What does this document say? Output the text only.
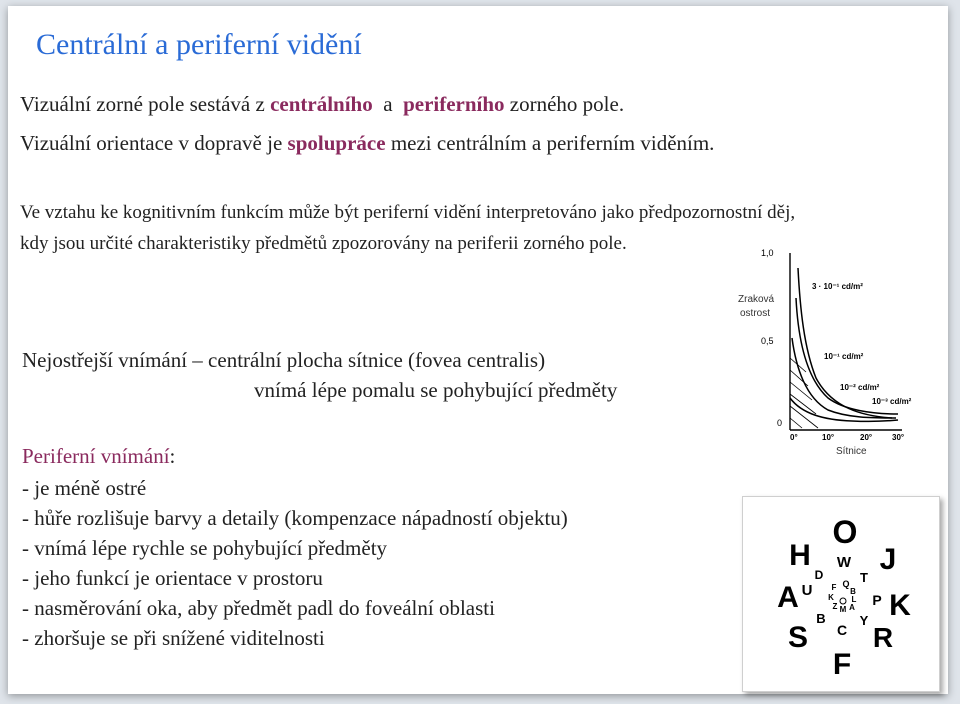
Centrální a periferní vidění
Vizuální zorné pole sestává z centrálního  a  periferního zorného pole.
Vizuální orientace v dopravě je spolupráce mezi centrálním a periferním viděním.
Ve vztahu ke kognitivním funkcím může být periferní vidění interpretováno jako předpozornostní děj,
kdy jsou určité charakteristiky předmětů zpozorovány na periferii zorného pole.
Nejostřejší vnímání – centrální plocha sítnice (fovea centralis)
vnímá lépe pomalu se pohybující předměty
Periferní vnímání:
- je méně ostré
- hůře rozlišuje barvy a detaily (kompenzace nápadností objektu)
- vnímá lépe rychle se pohybující předměty
- jeho funkcí je orientace v prostoru
- nasměrování oka, aby předmět padl do foveální oblasti
- zhoršuje se při snížené viditelnosti
1,0
Zraková
ostrost
0,5
0
3 · 10⁻¹ cd/m²
10⁻¹ cd/m²
10⁻² cd/m²
10⁻³ cd/m²
0°	10°	20° 30°
Sítnice
O
H W J
D	T
F Q
B
U K L
A	K
Z P
M A
S
B
C
Y
R
F
